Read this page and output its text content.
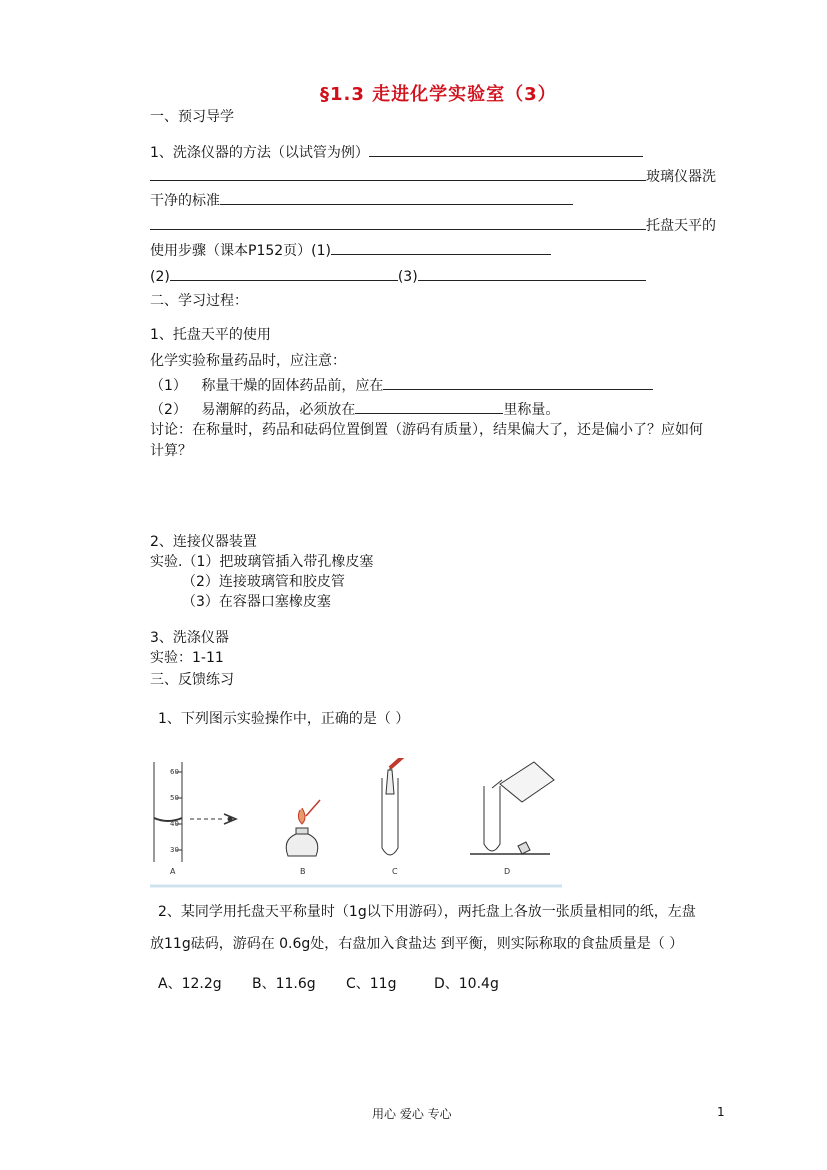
§1.3 走进化学实验室（3）
一、预习导学
1、洗涤仪器的方法（以试管为例）
玻璃仪器洗
干净的标准
托盘天平的
使用步骤（课本P152页）(1)
(2)	(3)
二、学习过程：
1、托盘天平的使用
化学实验称量药品时，应注意：
（1） 称量干燥的固体药品前，应在
（2） 易潮解的药品，必须放在	里称量。
讨论：在称量时，药品和砝码位置倒置（游码有质量），结果偏大了，还是偏小了？应如何
计算？
2、连接仪器装置
实验.（1）把玻璃管插入带孔橡皮塞
（2）连接玻璃管和胶皮管
（3）在容器口塞橡皮塞
3、洗涤仪器
实验：1-11
三、反馈练习
1、下列图示实验操作中，正确的是（ ）
60
50
40
30
A	B	C	D
2、某同学用托盘天平称量时（1g以下用游码），两托盘上各放一张质量相同的纸，左盘
放11g砝码，游码在 0.6g处，右盘加入食盐达 到平衡，则实际称取的食盐质量是（ ）
A、12.2g B、11.6g C、11g	D、10.4g
用心 爱心 专心	1
